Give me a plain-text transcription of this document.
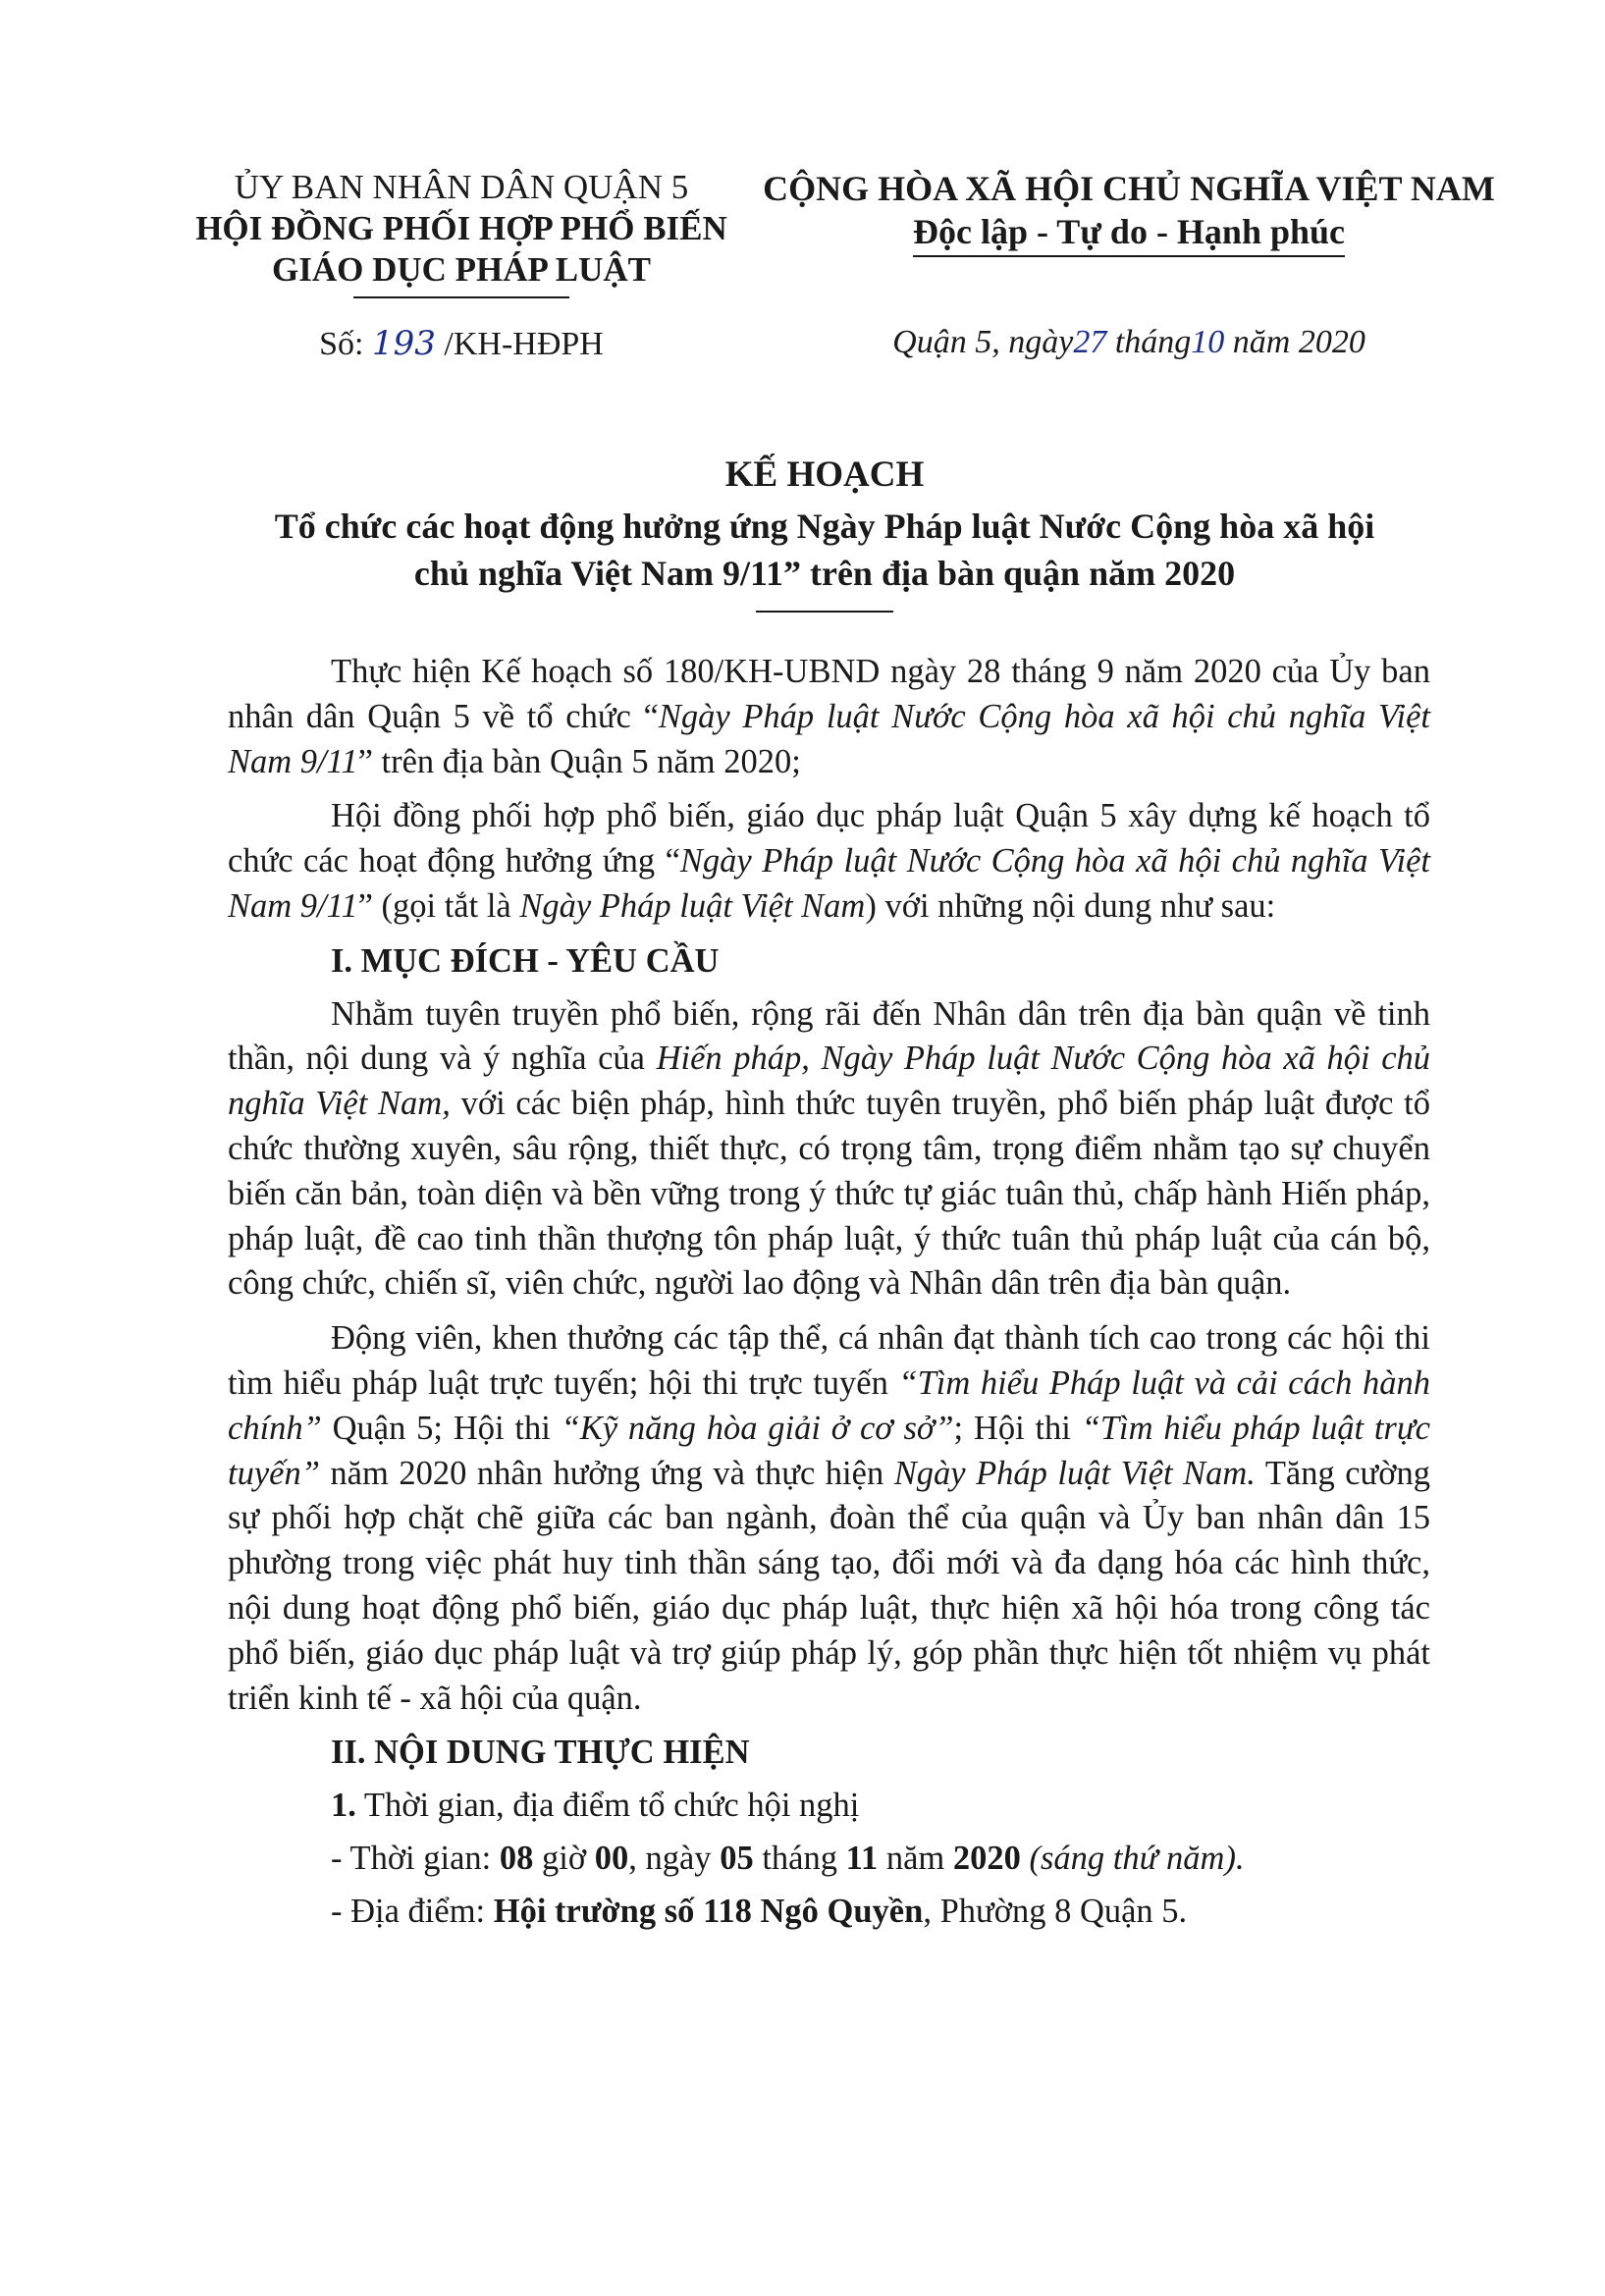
ỦY BAN NHÂN DÂN QUẬN 5
HỘI ĐỒNG PHỐI HỢP PHỔ BIẾN
GIÁO DỤC PHÁP LUẬT
CỘNG HÒA XÃ HỘI CHỦ NGHĨA VIỆT NAM
Độc lập - Tự do - Hạnh phúc
Số: 193 /KH-HĐPH	Quận 5, ngày27 tháng10 năm 2020
KẾ HOẠCH
Tổ chức các hoạt động hưởng ứng Ngày Pháp luật Nước Cộng hòa xã hội
chủ nghĩa Việt Nam 9/11” trên địa bàn quận năm 2020

Thực hiện Kế hoạch số 180/KH-UBND ngày 28 tháng 9 năm 2020 của Ủy ban nhân dân Quận 5 về tổ chức “Ngày Pháp luật Nước Cộng hòa xã hội chủ nghĩa Việt Nam 9/11” trên địa bàn Quận 5 năm 2020;

Hội đồng phối hợp phổ biến, giáo dục pháp luật Quận 5 xây dựng kế hoạch tổ chức các hoạt động hưởng ứng “Ngày Pháp luật Nước Cộng hòa xã hội chủ nghĩa Việt Nam 9/11” (gọi tắt là Ngày Pháp luật Việt Nam) với những nội dung như sau:

I. MỤC ĐÍCH - YÊU CẦU

Nhằm tuyên truyền phổ biến, rộng rãi đến Nhân dân trên địa bàn quận về tinh thần, nội dung và ý nghĩa của Hiến pháp, Ngày Pháp luật Nước Cộng hòa xã hội chủ nghĩa Việt Nam, với các biện pháp, hình thức tuyên truyền, phổ biến pháp luật được tổ chức thường xuyên, sâu rộng, thiết thực, có trọng tâm, trọng điểm nhằm tạo sự chuyển biến căn bản, toàn diện và bền vững trong ý thức tự giác tuân thủ, chấp hành Hiến pháp, pháp luật, đề cao tinh thần thượng tôn pháp luật, ý thức tuân thủ pháp luật của cán bộ, công chức, chiến sĩ, viên chức, người lao động và Nhân dân trên địa bàn quận.

Động viên, khen thưởng các tập thể, cá nhân đạt thành tích cao trong các hội thi tìm hiểu pháp luật trực tuyến; hội thi trực tuyến “Tìm hiểu Pháp luật và cải cách hành chính” Quận 5; Hội thi “Kỹ năng hòa giải ở cơ sở”; Hội thi “Tìm hiểu pháp luật trực tuyến” năm 2020 nhân hưởng ứng và thực hiện Ngày Pháp luật Việt Nam. Tăng cường sự phối hợp chặt chẽ giữa các ban ngành, đoàn thể của quận và Ủy ban nhân dân 15 phường trong việc phát huy tinh thần sáng tạo, đổi mới và đa dạng hóa các hình thức, nội dung hoạt động phổ biến, giáo dục pháp luật, thực hiện xã hội hóa trong công tác phổ biến, giáo dục pháp luật và trợ giúp pháp lý, góp phần thực hiện tốt nhiệm vụ phát triển kinh tế - xã hội của quận.

II. NỘI DUNG THỰC HIỆN

1. Thời gian, địa điểm tổ chức hội nghị

- Thời gian: 08 giờ 00, ngày 05 tháng 11 năm 2020 (sáng thứ năm).

- Địa điểm: Hội trường số 118 Ngô Quyền, Phường 8 Quận 5.
